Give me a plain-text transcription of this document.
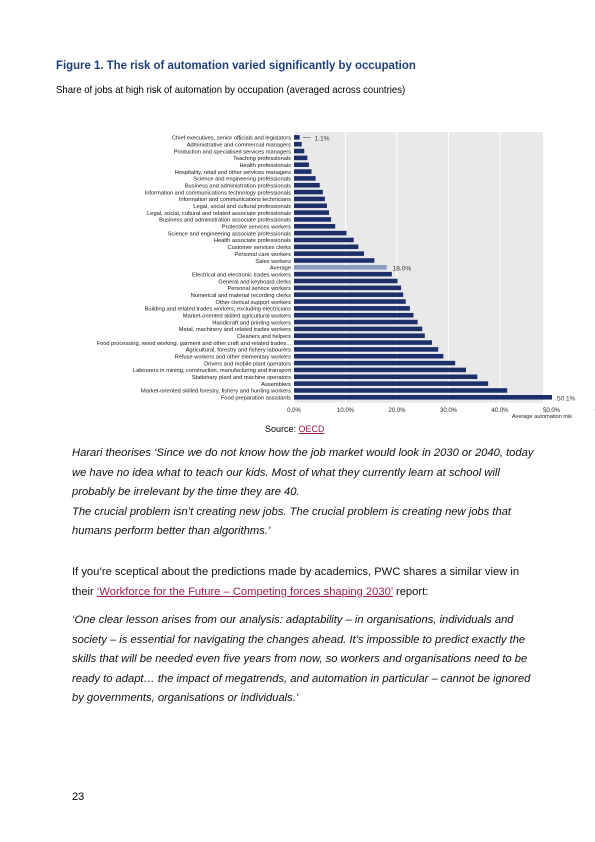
Figure 1. The risk of automation varied significantly by occupation

Share of jobs at high risk of automation by occupation (averaged across countries)

0.0%	10.0%	20.0%	30.0%	40.0%	50.0%
Chief executives, senior officials and legislators
Administrative and commercial managers
Production and specialised services managers
Teaching professionals
Health professionals
Hospitality, retail and other services managers
Science and engineering professionals
Business and administration professionals
Information and communications technology professionals
Information and communications technicians
Legal, social and cultural professionals
Legal, social, cultural and related associate professionals
Business and administration associate professionals
Protective services workers
Science and engineering associate professionals
Health associate professionals
Customer services clerks
Personal care workers
Sales workers
Average
Electrical and electronic trades workers
General and keyboard clerks
Personal service workers
Numerical and material recording clerks
Other clerical support workers
Building and related trades workers, excluding electricians
Market-oriented skilled agricultural workers
Handicraft and printing workers
Metal, machinery and related trades workers
Cleaners and helpers
Food processing, wood working, garment and other craft and related trades...
Agricultural, forestry and fishery labourers
Refuse workers and other elementary workers
Drivers and mobile plant operators
Labourers in mining, construction, manufacturing and transport
Stationary plant and machine operators
Assemblers
Market-oriented skilled forestry, fishery and hunting workers
Food preparation assistants
1.1%
18.0%
50.1%
Average automation risk
Source: OECD

Harari theorises ‘Since we do not know how the job market would look in 2030 or 2040, today we have no idea what to teach our kids. Most of what they currently learn at school will probably be irrelevant by the time they are 40.
The crucial problem isn’t creating new jobs. The crucial problem is creating new jobs that humans perform better than algorithms.’

If you’re sceptical about the predictions made by academics, PWC shares a similar view in their ‘Workforce for the Future – Competing forces shaping 2030’ report:

‘One clear lesson arises from our analysis: adaptability – in organisations, individuals and society – is essential for navigating the changes ahead. It’s impossible to predict exactly the skills that will be needed even five years from now, so workers and organisations need to be ready to adapt… the impact of megatrends, and automation in particular – cannot be ignored by governments, organisations or individuals.’

23
